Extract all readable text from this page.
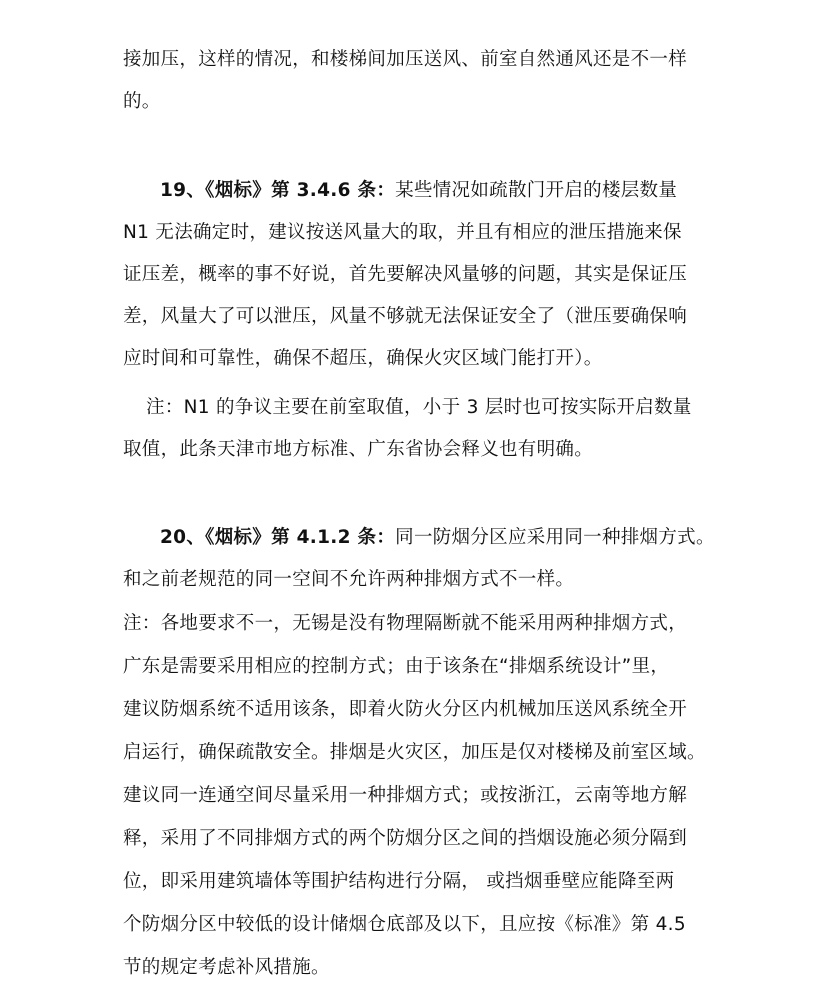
接加压，这样的情况，和楼梯间加压送风、前室自然通风还是不一样
的。
19、《烟标》第 3.4.6 条：某些情况如疏散门开启的楼层数量
N1 无法确定时，建议按送风量大的取，并且有相应的泄压措施来保
证压差，概率的事不好说，首先要解决风量够的问题，其实是保证压
差，风量大了可以泄压，风量不够就无法保证安全了（泄压要确保响
应时间和可靠性，确保不超压，确保火灾区域门能打开）。
注：N1 的争议主要在前室取值，小于 3 层时也可按实际开启数量
取值，此条天津市地方标准、广东省协会释义也有明确。
20、《烟标》第 4.1.2 条：同一防烟分区应采用同一种排烟方式。
和之前老规范的同一空间不允许两种排烟方式不一样。
注：各地要求不一，无锡是没有物理隔断就不能采用两种排烟方式，
广东是需要采用相应的控制方式；由于该条在“排烟系统设计”里，
建议防烟系统不适用该条，即着火防火分区内机械加压送风系统全开
启运行，确保疏散安全。排烟是火灾区，加压是仅对楼梯及前室区域。
建议同一连通空间尽量采用一种排烟方式；或按浙江，云南等地方解
释，采用了不同排烟方式的两个防烟分区之间的挡烟设施必须分隔到
位，即采用建筑墙体等围护结构进行分隔， 或挡烟垂壁应能降至两
个防烟分区中较低的设计储烟仓底部及以下，且应按《标准》第 4.5
节的规定考虑补风措施。
